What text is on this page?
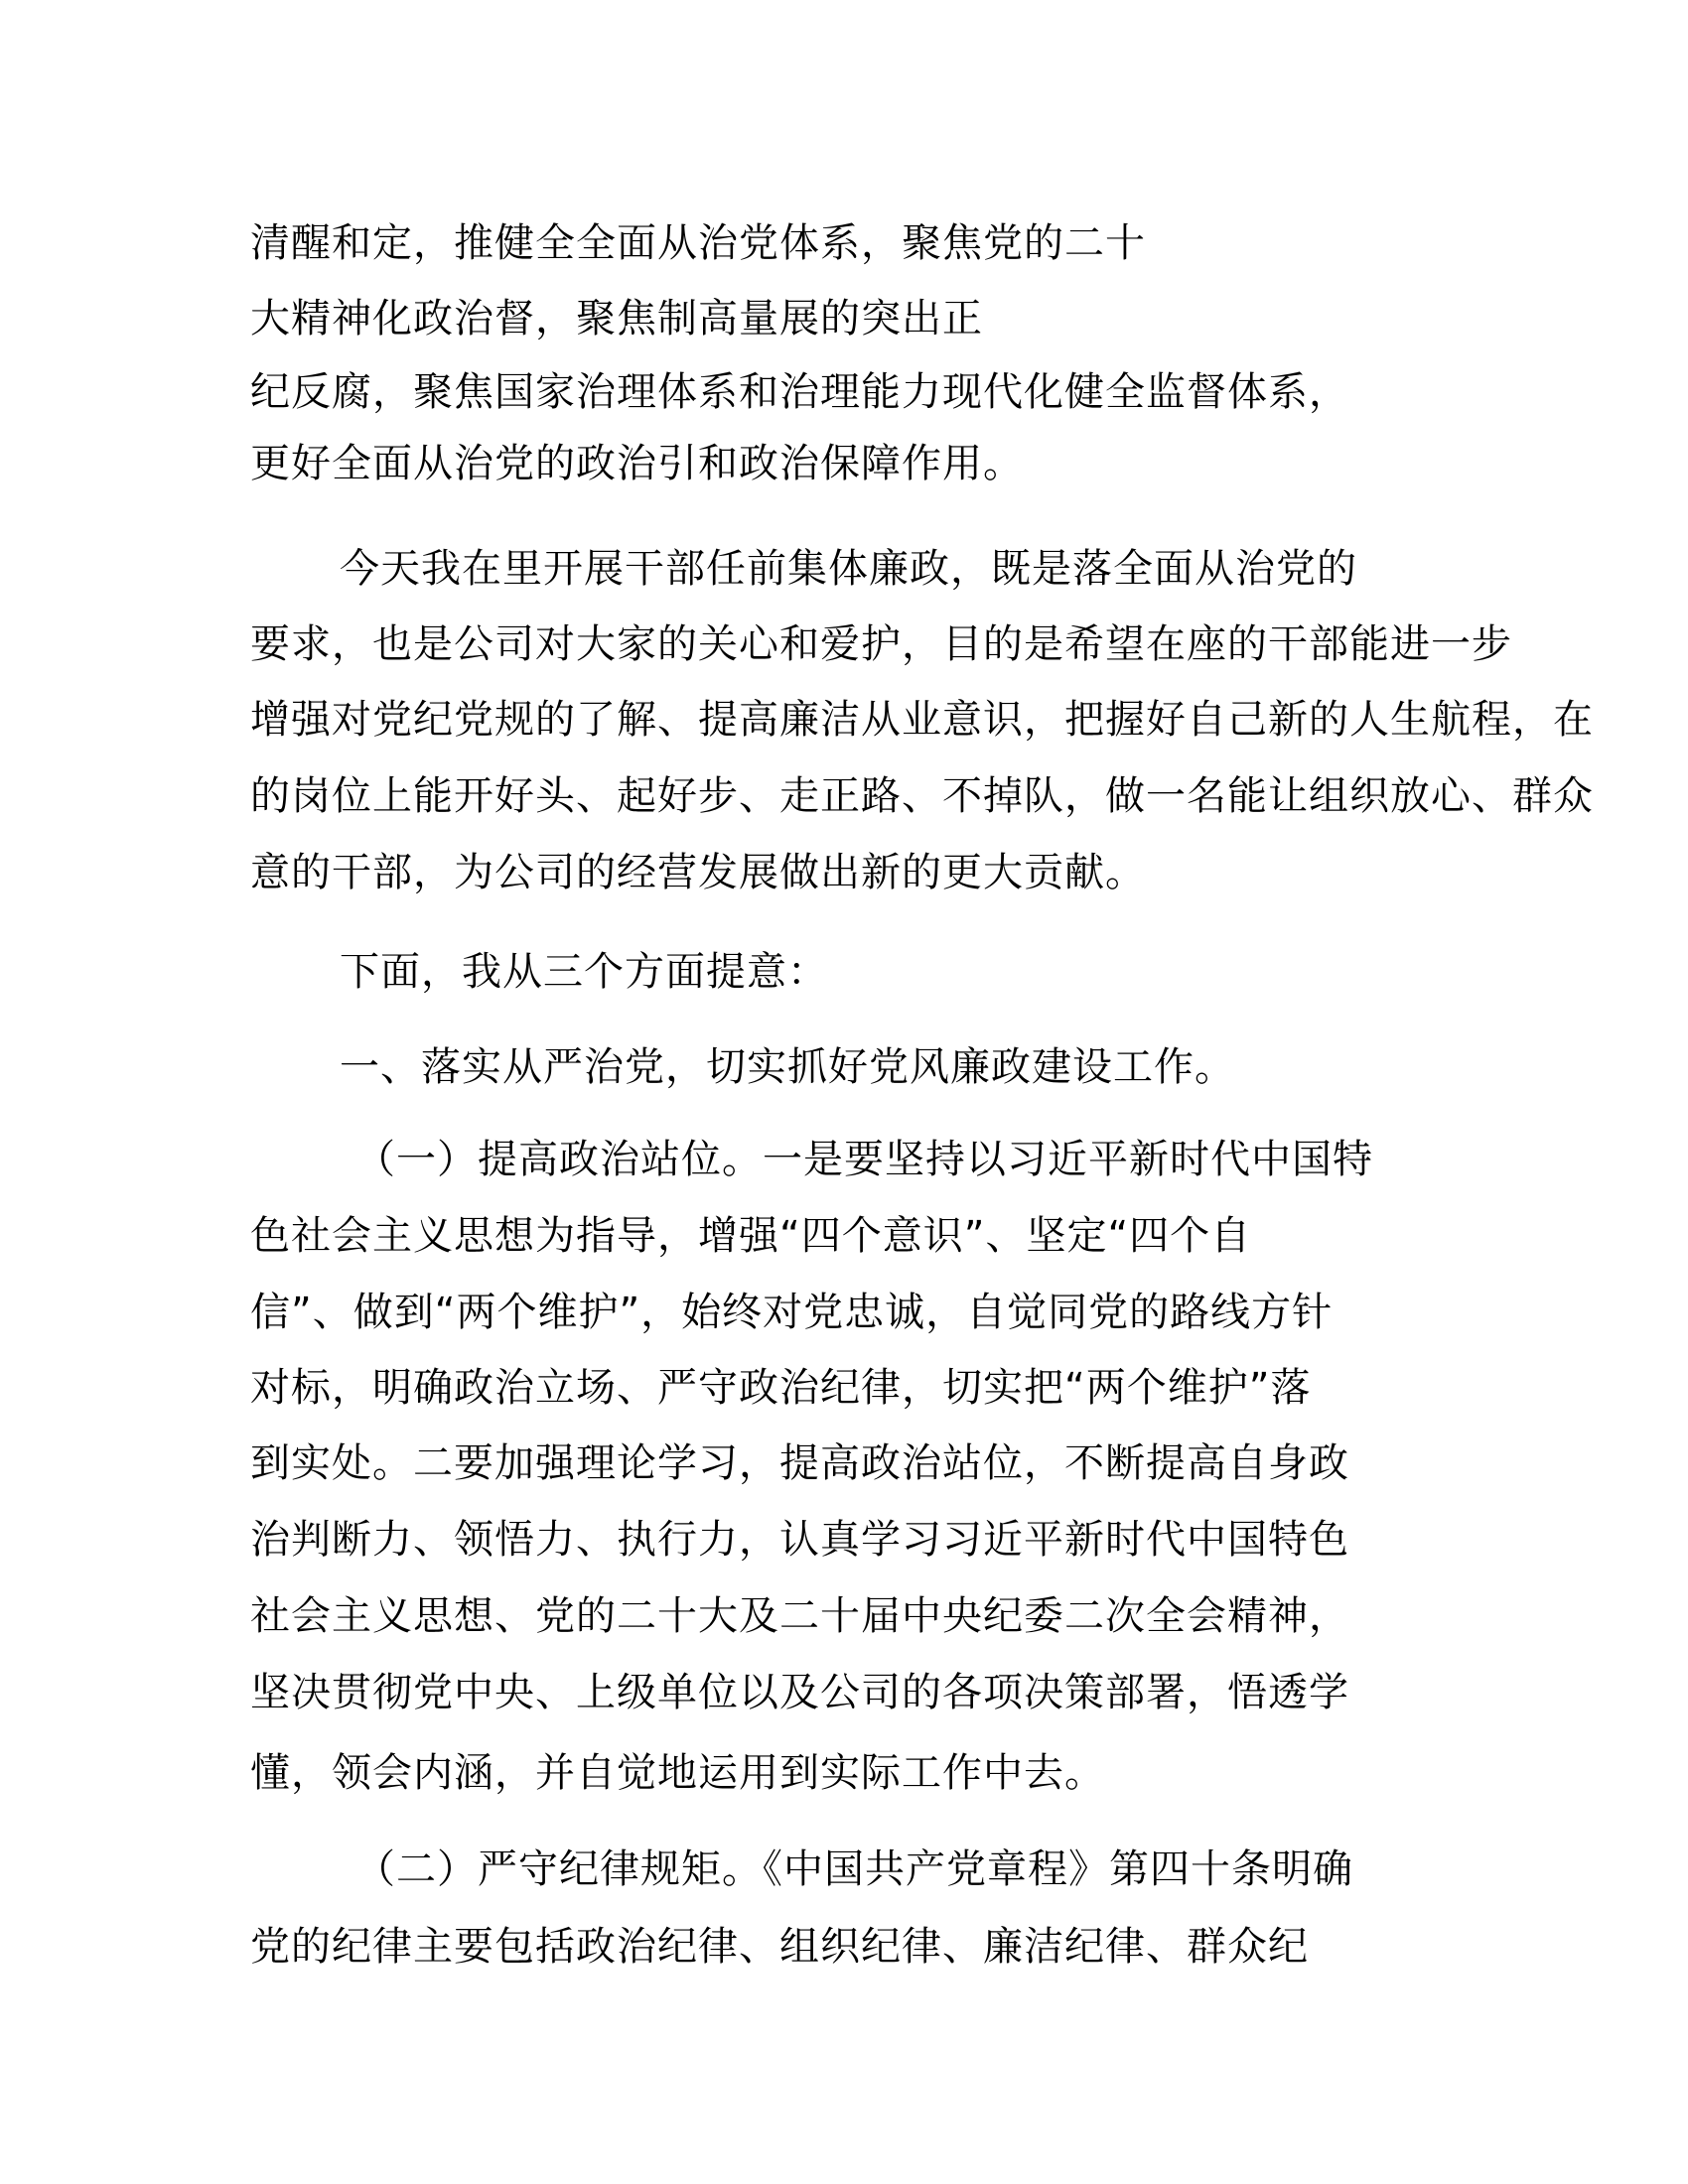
清醒和定，推健全全面从治党体系，聚焦党的二十
大精神化政治督，聚焦制高量展的突出正
纪反腐，聚焦国家治理体系和治理能力现代化健全监督体系，
更好全面从治党的政治引和政治保障作用。
今天我在里开展干部任前集体廉政，既是落全面从治党的
要求，也是公司对大家的关心和爱护，目的是希望在座的干部能进一步
增强对党纪党规的了解、提高廉洁从业意识，把握好自己新的人生航程，在
的岗位上能开好头、起好步、走正路、不掉队，做一名能让组织放心、群众
意的干部，为公司的经营发展做出新的更大贡献。
下面，我从三个方面提意：
一、落实从严治党，切实抓好党风廉政建设工作。
（一）提高政治站位。一是要坚持以习近平新时代中国特
色社会主义思想为指导，增强“四个意识”、坚定“四个自
信”、做到“两个维护”，始终对党忠诚，自觉同党的路线方针
对标，明确政治立场、严守政治纪律，切实把“两个维护”落
到实处。二要加强理论学习，提高政治站位，不断提高自身政
治判断力、领悟力、执行力，认真学习习近平新时代中国特色
社会主义思想、党的二十大及二十届中央纪委二次全会精神，
坚决贯彻党中央、上级单位以及公司的各项决策部署，悟透学
懂，领会内涵，并自觉地运用到实际工作中去。
（二）严守纪律规矩。《中国共产党章程》第四十条明确
党的纪律主要包括政治纪律、组织纪律、廉洁纪律、群众纪
